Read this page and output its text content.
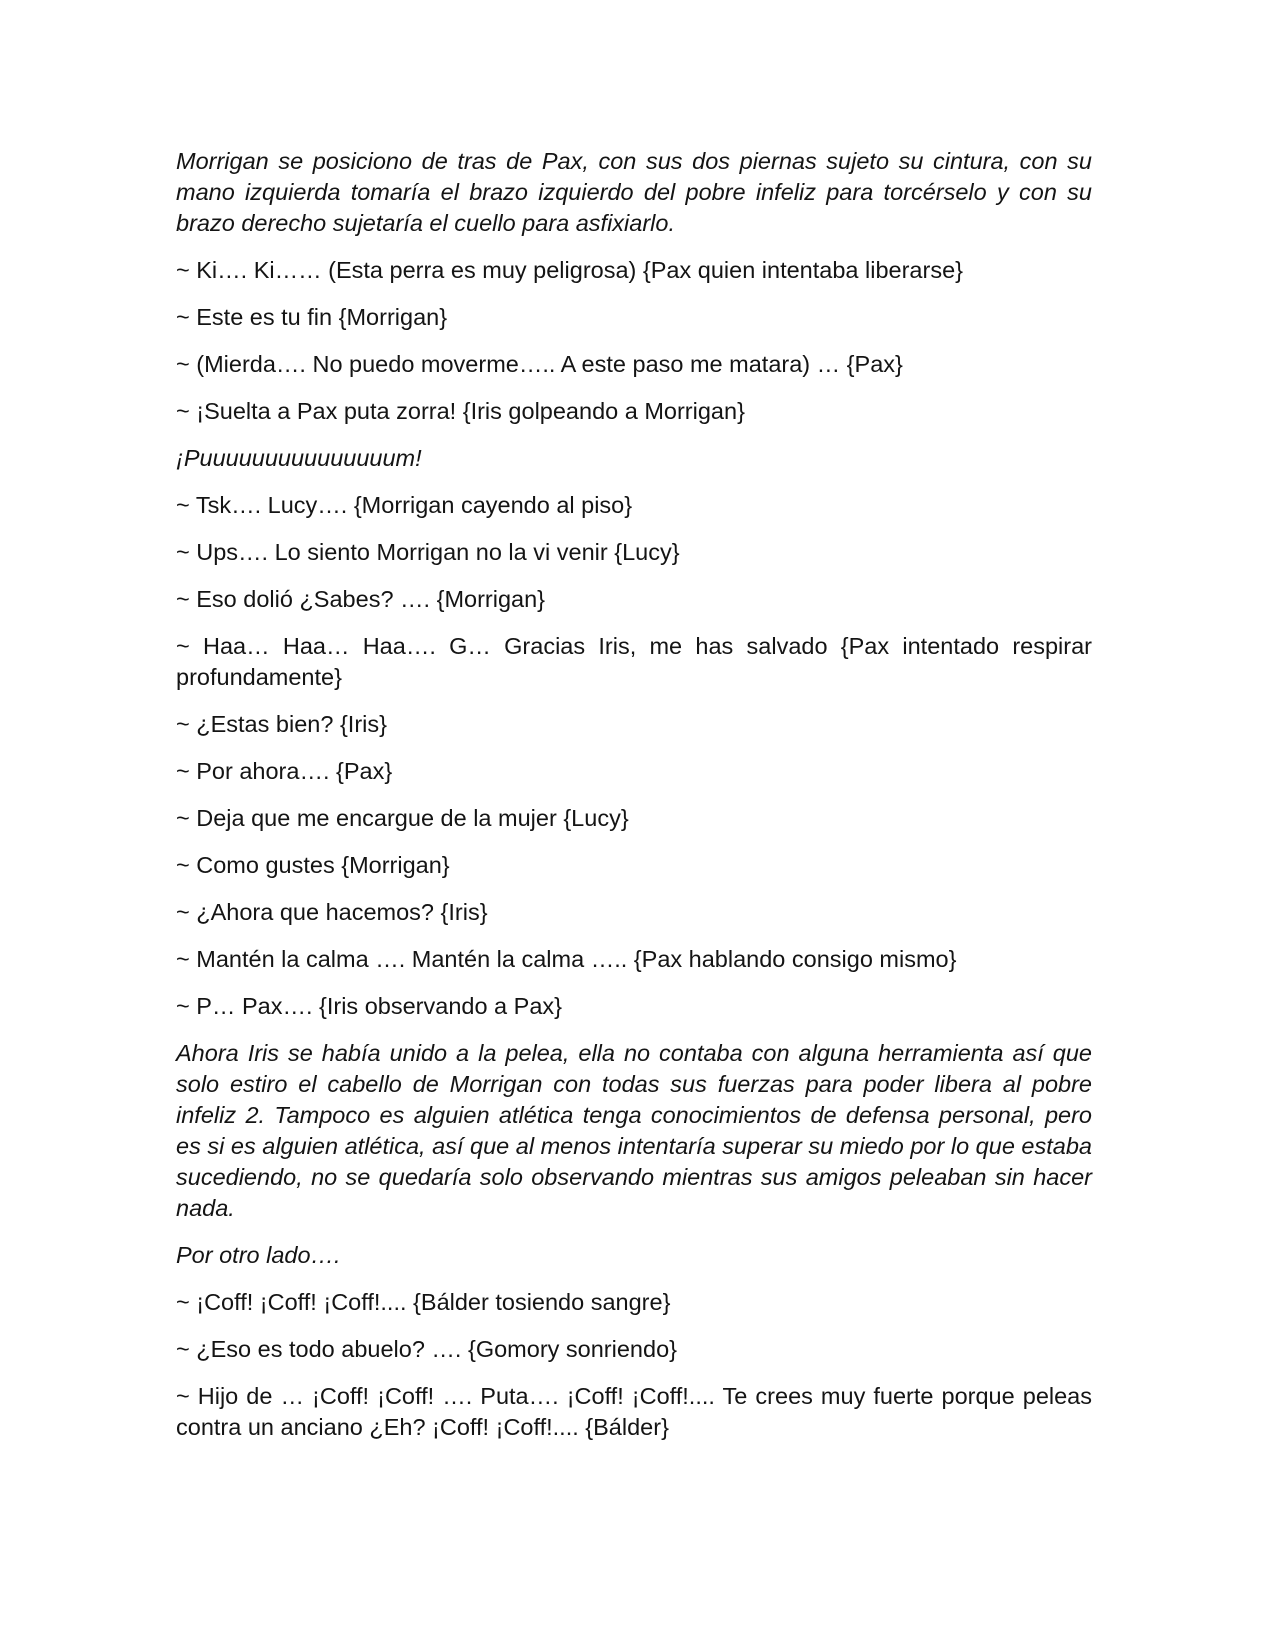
Morrigan se posiciono de tras de Pax, con sus dos piernas sujeto su cintura, con su mano izquierda tomaría el brazo izquierdo del pobre infeliz para torcérselo y con su brazo derecho sujetaría el cuello para asfixiarlo.

~ Ki…. Ki…… (Esta perra es muy peligrosa) {Pax quien intentaba liberarse}

~ Este es tu fin {Morrigan}

~ (Mierda…. No puedo moverme….. A este paso me matara) … {Pax}

~ ¡Suelta a Pax puta zorra! {Iris golpeando a Morrigan}

¡Puuuuuuuuuuuuuuum!

~ Tsk…. Lucy…. {Morrigan cayendo al piso}

~ Ups…. Lo siento Morrigan no la vi venir {Lucy}

~ Eso dolió ¿Sabes? …. {Morrigan}

~ Haa… Haa… Haa…. G… Gracias Iris, me has salvado {Pax intentado respirar profundamente}

~ ¿Estas bien? {Iris}

~ Por ahora…. {Pax}

~ Deja que me encargue de la mujer {Lucy}

~ Como gustes {Morrigan}

~ ¿Ahora que hacemos? {Iris}

~ Mantén la calma …. Mantén la calma ….. {Pax hablando consigo mismo}

~ P… Pax…. {Iris observando a Pax}

Ahora Iris se había unido a la pelea, ella no contaba con alguna herramienta así que solo estiro el cabello de Morrigan con todas sus fuerzas para poder libera al pobre infeliz 2. Tampoco es alguien atlética tenga conocimientos de defensa personal, pero es si es alguien atlética, así que al menos intentaría superar su miedo por lo que estaba sucediendo, no se quedaría solo observando mientras sus amigos peleaban sin hacer nada.

Por otro lado….

~ ¡Coff! ¡Coff! ¡Coff!.... {Bálder tosiendo sangre}

~ ¿Eso es todo abuelo? …. {Gomory sonriendo}

~ Hijo de … ¡Coff! ¡Coff! …. Puta…. ¡Coff! ¡Coff!.... Te crees muy fuerte porque peleas contra un anciano ¿Eh? ¡Coff! ¡Coff!.... {Bálder}
